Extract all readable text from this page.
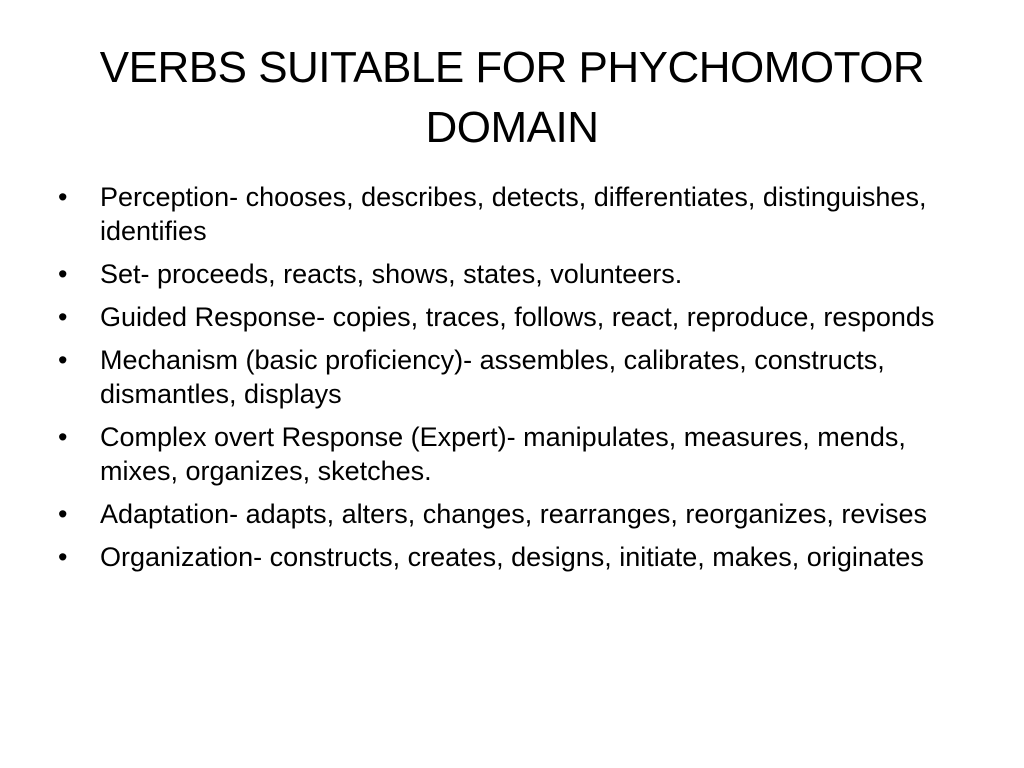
VERBS SUITABLE FOR PHYCHOMOTOR DOMAIN
•	Perception- chooses, describes, detects, differentiates, distinguishes, identifies
•	Set- proceeds, reacts, shows, states, volunteers.
•	Guided Response- copies, traces, follows, react, reproduce, responds
•	Mechanism (basic proficiency)- assembles, calibrates, constructs, dismantles, displays
•	Complex overt Response (Expert)- manipulates, measures, mends, mixes, organizes, sketches.
•	Adaptation- adapts, alters, changes, rearranges, reorganizes, revises
•	Organization- constructs, creates, designs, initiate, makes, originates
